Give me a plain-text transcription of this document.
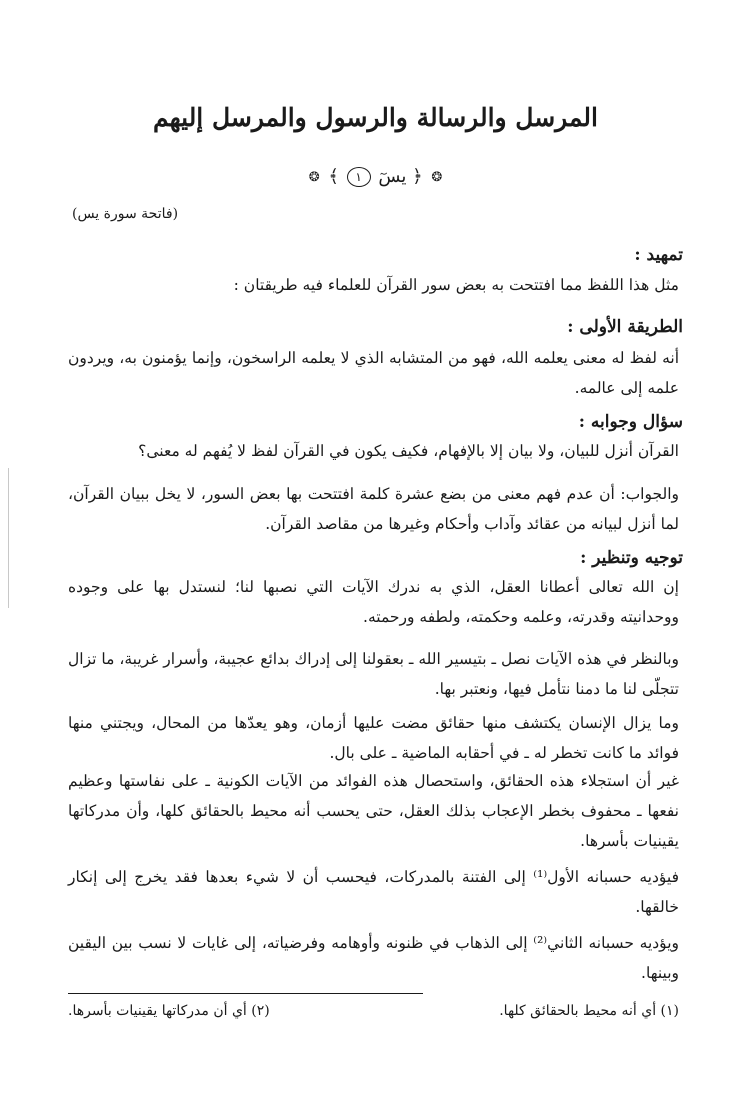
المرسل والرسالة والرسول والمرسل إليهم
❂ ﴿ يسٓ ١ ﴾ ❂
(فاتحة سورة يس)
تمهيد :

مثل هذا اللفظ مما افتتحت به بعض سور القرآن للعلماء فيه طريقتان :

الطريقة الأولى :

أنه لفظ له معنى يعلمه الله، فهو من المتشابه الذي لا يعلمه الراسخون، وإنما يؤمنون به، ويردون علمه إلى عالمه.

سؤال وجوابه :

القرآن أنزل للبيان، ولا بيان إلا بالإفهام، فكيف يكون في القرآن لفظ لا يُفهم له معنى؟

والجواب: أن عدم فهم معنى من بضع عشرة كلمة افتتحت بها بعض السور، لا يخل ببيان القرآن، لما أنزل لبيانه من عقائد وآداب وأحكام وغيرها من مقاصد القرآن.

توجيه وتنظير :

إن الله تعالى أعطانا العقل، الذي به ندرك الآيات التي نصبها لنا؛ لنستدل بها على وجوده ووحدانيته وقدرته، وعلمه وحكمته، ولطفه ورحمته.

وبالنظر في هذه الآيات نصل ـ بتيسير الله ـ بعقولنا إلى إدراك بدائع عجيبة، وأسرار غريبة، ما تزال تتجلّى لنا ما دمنا نتأمل فيها، ونعتبر بها.

وما يزال الإنسان يكتشف منها حقائق مضت عليها أزمان، وهو يعدّها من المحال، ويجتني منها فوائد ما كانت تخطر له ـ في أحقابه الماضية ـ على بال.

غير أن استجلاء هذه الحقائق، واستحصال هذه الفوائد من الآيات الكونية ـ على نفاستها وعظيم نفعها ـ محفوف بخطر الإعجاب بذلك العقل، حتى يحسب أنه محيط بالحقائق كلها، وأن مدركاتها يقينيات بأسرها.

فيؤديه حسبانه الأول⁽¹⁾ إلى الفتنة بالمدركات، فيحسب أن لا شيء بعدها فقد يخرج إلى إنكار خالقها.

ويؤديه حسبانه الثاني⁽²⁾ إلى الذهاب في ظنونه وأوهامه وفرضياته، إلى غايات لا نسب بين اليقين وبينها.

(١) أي أنه محيط بالحقائق كلها.
(٢) أي أن مدركاتها يقينيات بأسرها.
